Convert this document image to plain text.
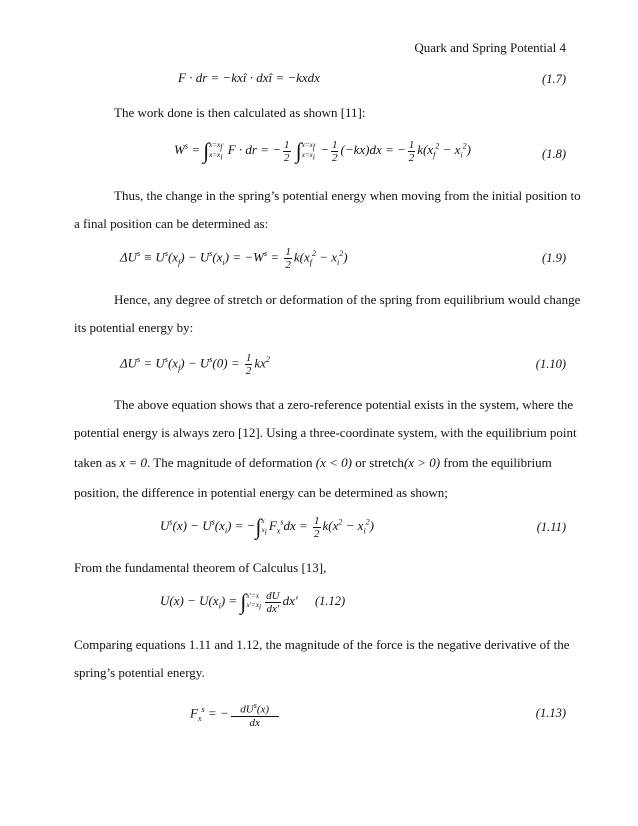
Quark and Spring Potential 4
F · dr = −kxî · dxî = −kxdx	(1.7)
The work done is then calculated as shown [11]:
$W^s = \int x=x_f$
$x=x_i$ F · dr = − $\frac{1}{2} \int x=x_f$
$x=x_i - \frac{1}{2} (-kx)dx$ = − $\frac{1}{2} k(x_f^2 - x_i^2)$	(1.8)
Thus, the change in the spring’s potential energy when moving from the initial position to
a final position can be determined as:
$\Delta U^s \equiv U^s(x_f) - U^s(x_i) = -W^s = \frac{1}{2} k(x_f^2 - x_i^2)$	(1.9)
Hence, any degree of stretch or deformation of the spring from equilibrium would change
its potential energy by:
$\Delta U^s = U^s(x_f) - U^s(0) = \frac{1}{2} kx^2$	(1.10)
The above equation shows that a zero-reference potential exists in the system, where the
potential energy is always zero [12]. Using a three-coordinate system, with the equilibrium point
taken as x = 0. The magnitude of deformation (x < 0) or stretch(x > 0) from the equilibrium
position, the difference in potential energy can be determined as shown;
$U^s(x) - U^s(x_i) = -\int x$
$x_i$ $F_x^sdx = \frac{1}{2} k(x^2 - x_i^2)$	(1.11)
From the fundamental theorem of Calculus [13],
$U(x) - U(x_i) = \int x'=x$
$x'=x_i \frac{dU}{dx'} dx'$ (1.12)
Comparing equations 1.11 and 1.12, the magnitude of the force is the negative derivative of the
spring’s potential energy.
$F_x^s$ = − $\frac{dU^s(x)}{dx}$	(1.13)
